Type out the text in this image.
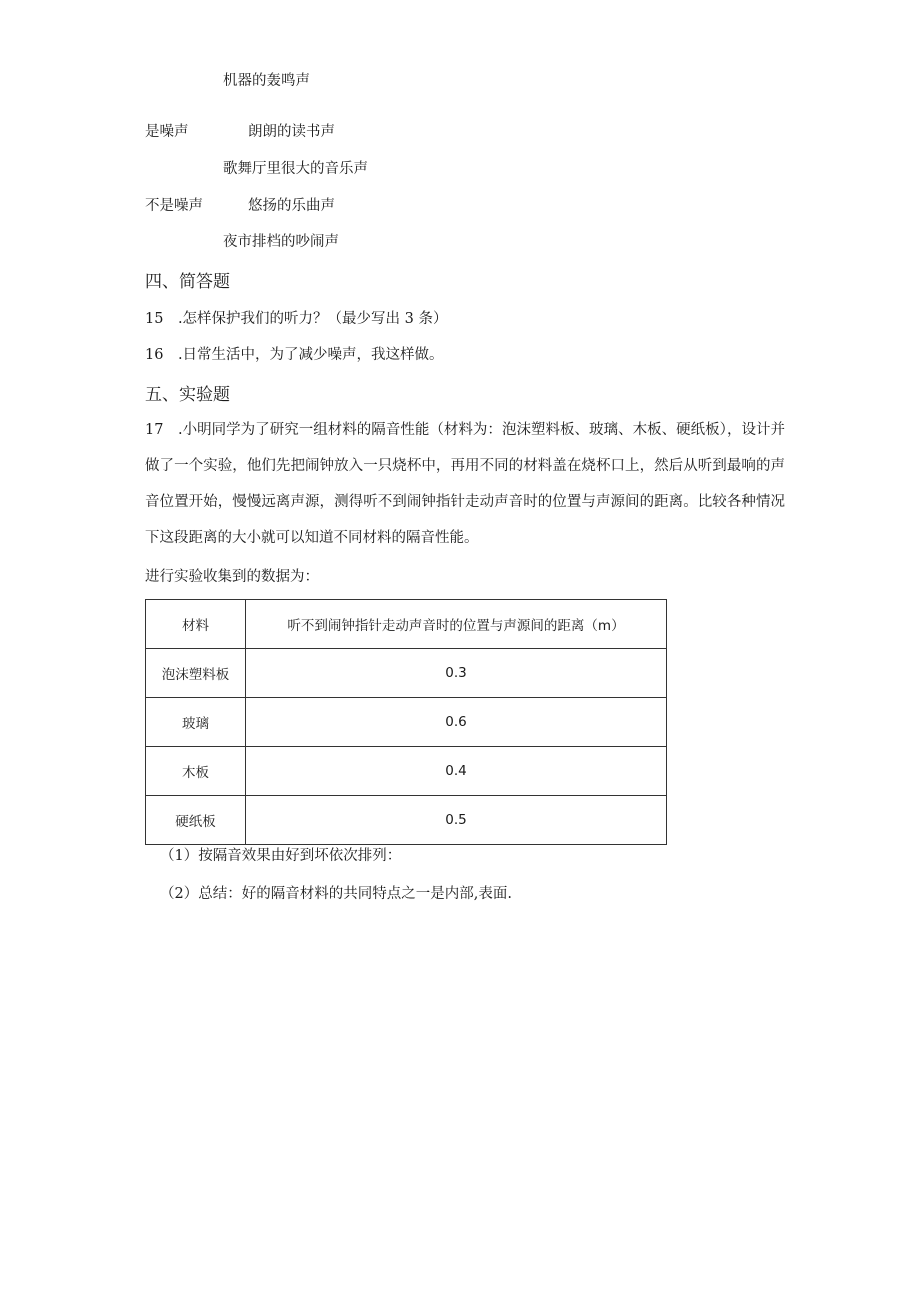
机器的轰鸣声
是噪声	朗朗的读书声
歌舞厅里很大的音乐声
不是噪声	悠扬的乐曲声
夜市排档的吵闹声
四、简答题
15　.怎样保护我们的听力？（最少写出 3 条）
16　.日常生活中，为了减少噪声，我这样做。
五、实验题
17　.小明同学为了研究一组材料的隔音性能（材料为：泡沫塑料板、玻璃、木板、硬纸板），设计并做了一个实验，他们先把闹钟放入一只烧杯中，再用不同的材料盖在烧杯口上，然后从听到最响的声音位置开始，慢慢远离声源，测得听不到闹钟指针走动声音时的位置与声源间的距离。比较各种情况下这段距离的大小就可以知道不同材料的隔音性能。
进行实验收集到的数据为：
材料	听不到闹钟指针走动声音时的位置与声源间的距离（m）
泡沫塑料板	0.3
玻璃	0.6
木板	0.4
硬纸板	0.5
（1）按隔音效果由好到坏依次排列：
（2）总结：好的隔音材料的共同特点之一是内部,表面.
